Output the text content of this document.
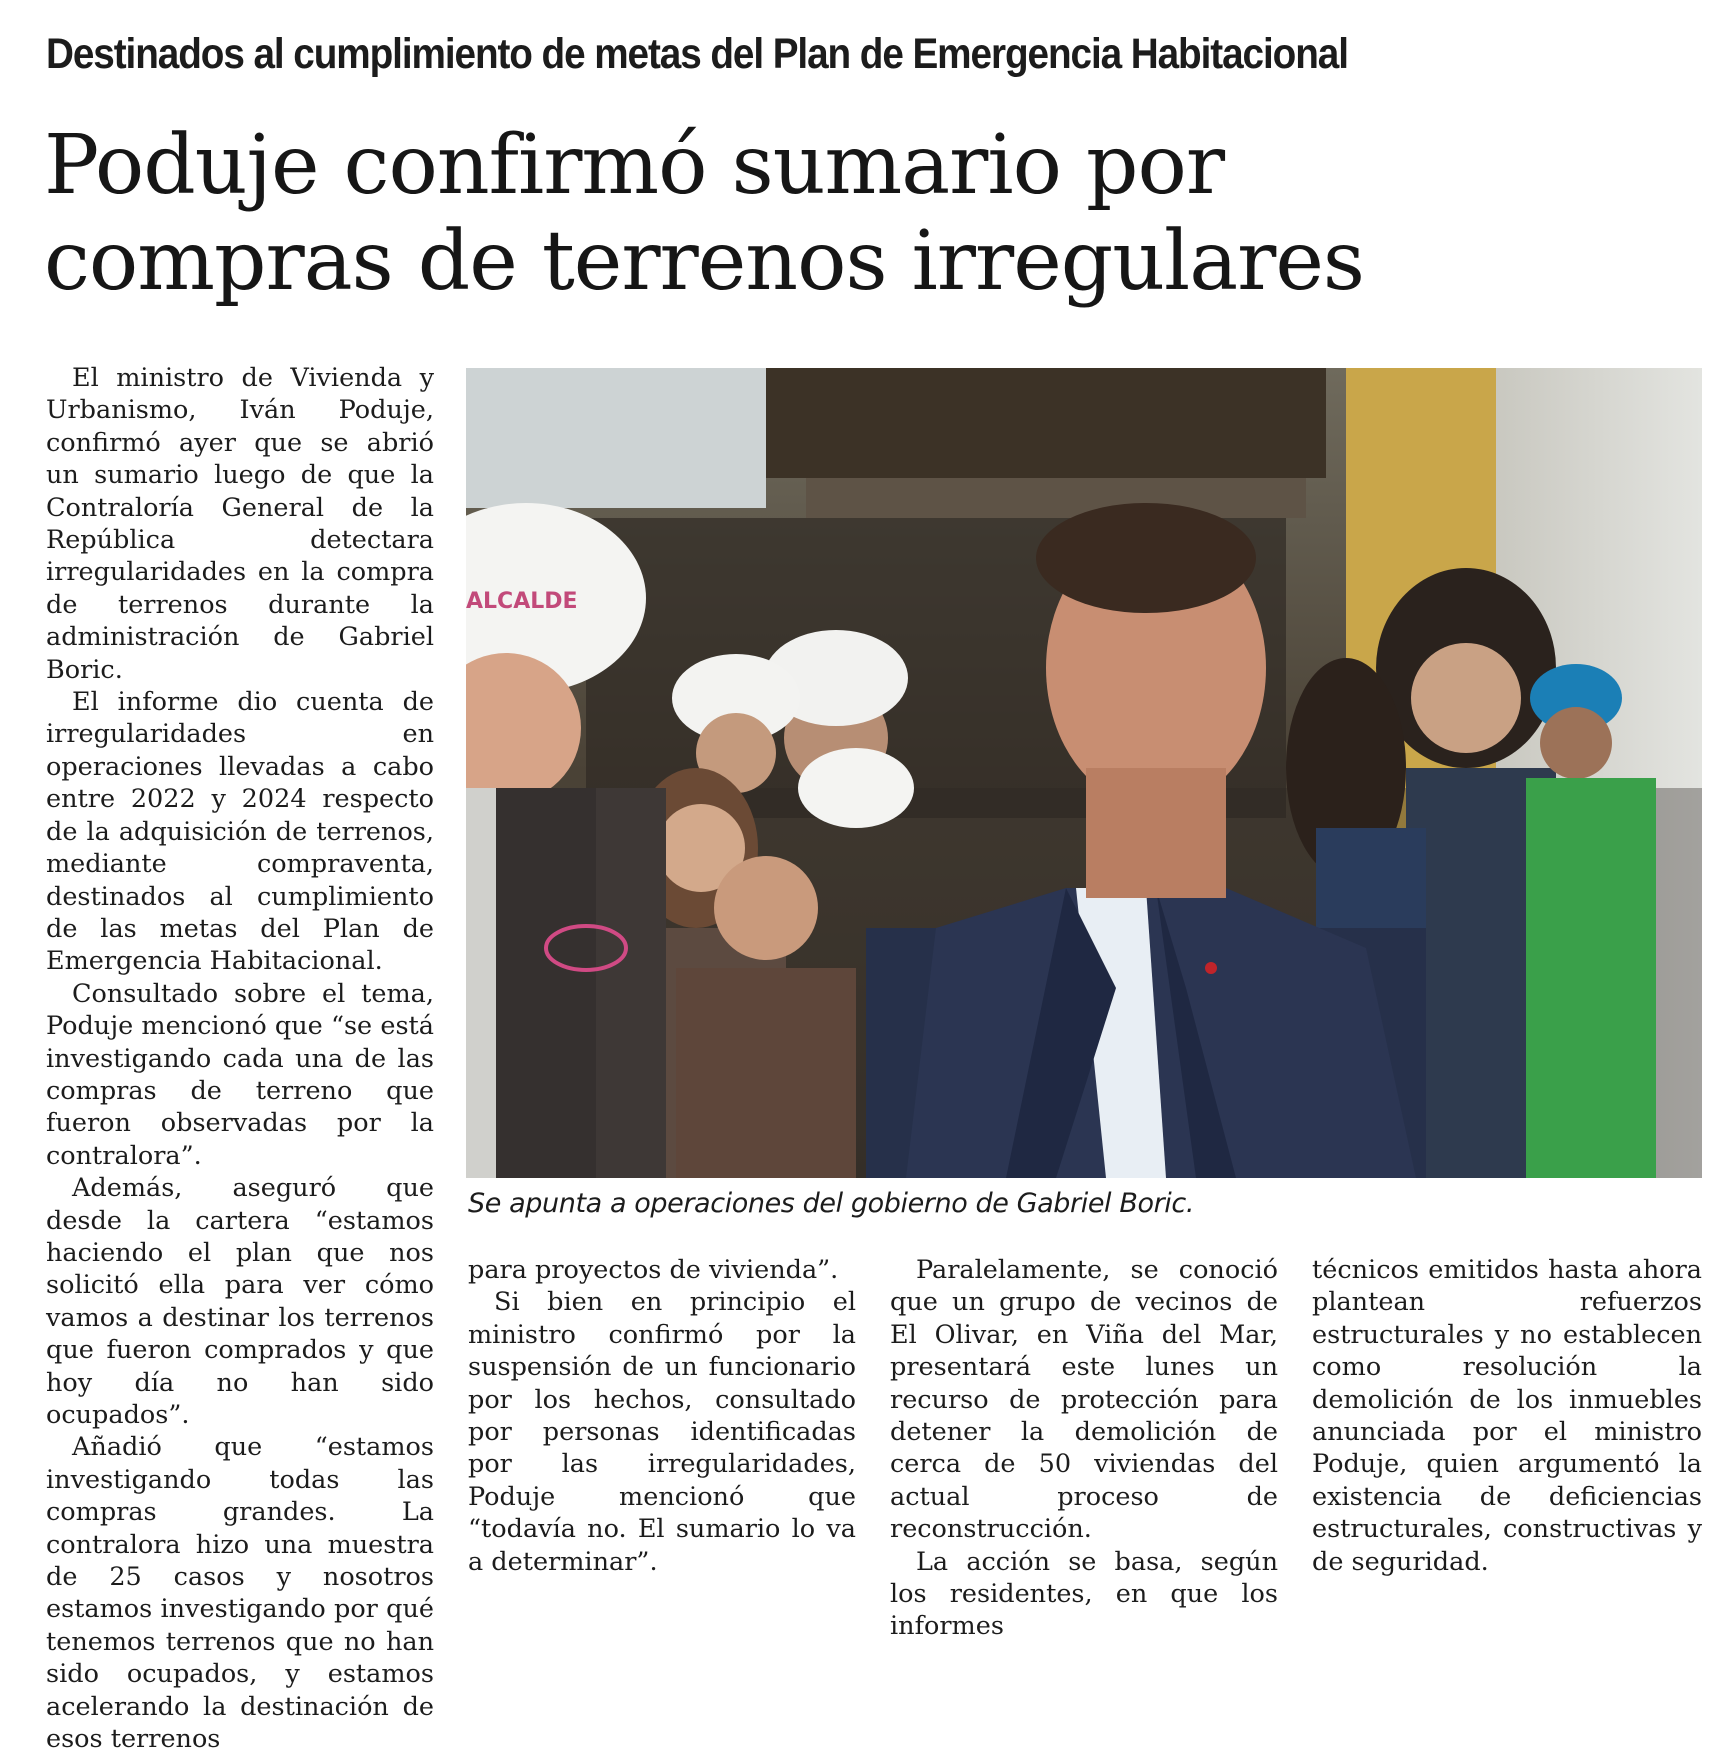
Destinados al cumplimiento de metas del Plan de Emergencia Habitacional
Poduje confirmó sumario por
compras de terrenos irregulares

El ministro de Vivienda y Urbanismo, Iván Poduje, confirmó ayer que se abrió un sumario luego de que la Contraloría General de la República detectara irregularidades en la compra de terrenos durante la administración de Gabriel Boric.

El informe dio cuenta de irregularidades en operaciones llevadas a cabo entre 2022 y 2024 respecto de la adquisición de terrenos, mediante compraventa, destinados al cumplimiento de las metas del Plan de Emergencia Habitacional.

Consultado sobre el tema, Poduje mencionó que “se está investigando cada una de las compras de terreno que fueron observadas por la contralora”.

Además, aseguró que desde la cartera “estamos haciendo el plan que nos solicitó ella para ver cómo vamos a destinar los terrenos que fueron comprados y que hoy día no han sido ocupados”.

Añadió que “estamos investigando todas las compras grandes. La contralora hizo una muestra de 25 casos y nosotros estamos investigando por qué tenemos terrenos que no han sido ocupados, y estamos acelerando la destinación de esos terrenos

ALCALDE
Se apunta a operaciones del gobierno de Gabriel Boric.

para proyectos de vivienda”.

Si bien en principio el ministro confirmó por la suspensión de un funcionario por los hechos, consultado por personas identificadas por las irregularidades, Poduje mencionó que “todavía no. El sumario lo va a determinar”.

Paralelamente, se conoció que un grupo de vecinos de El Olivar, en Viña del Mar, presentará este lunes un recurso de protección para detener la demolición de cerca de 50 viviendas del actual proceso de reconstrucción.

La acción se basa, según los residentes, en que los informes

técnicos emitidos hasta ahora plantean refuerzos estructurales y no establecen como resolución la demolición de los inmuebles anunciada por el ministro Poduje, quien argumentó la existencia de deficiencias estructurales, constructivas y de seguridad.
